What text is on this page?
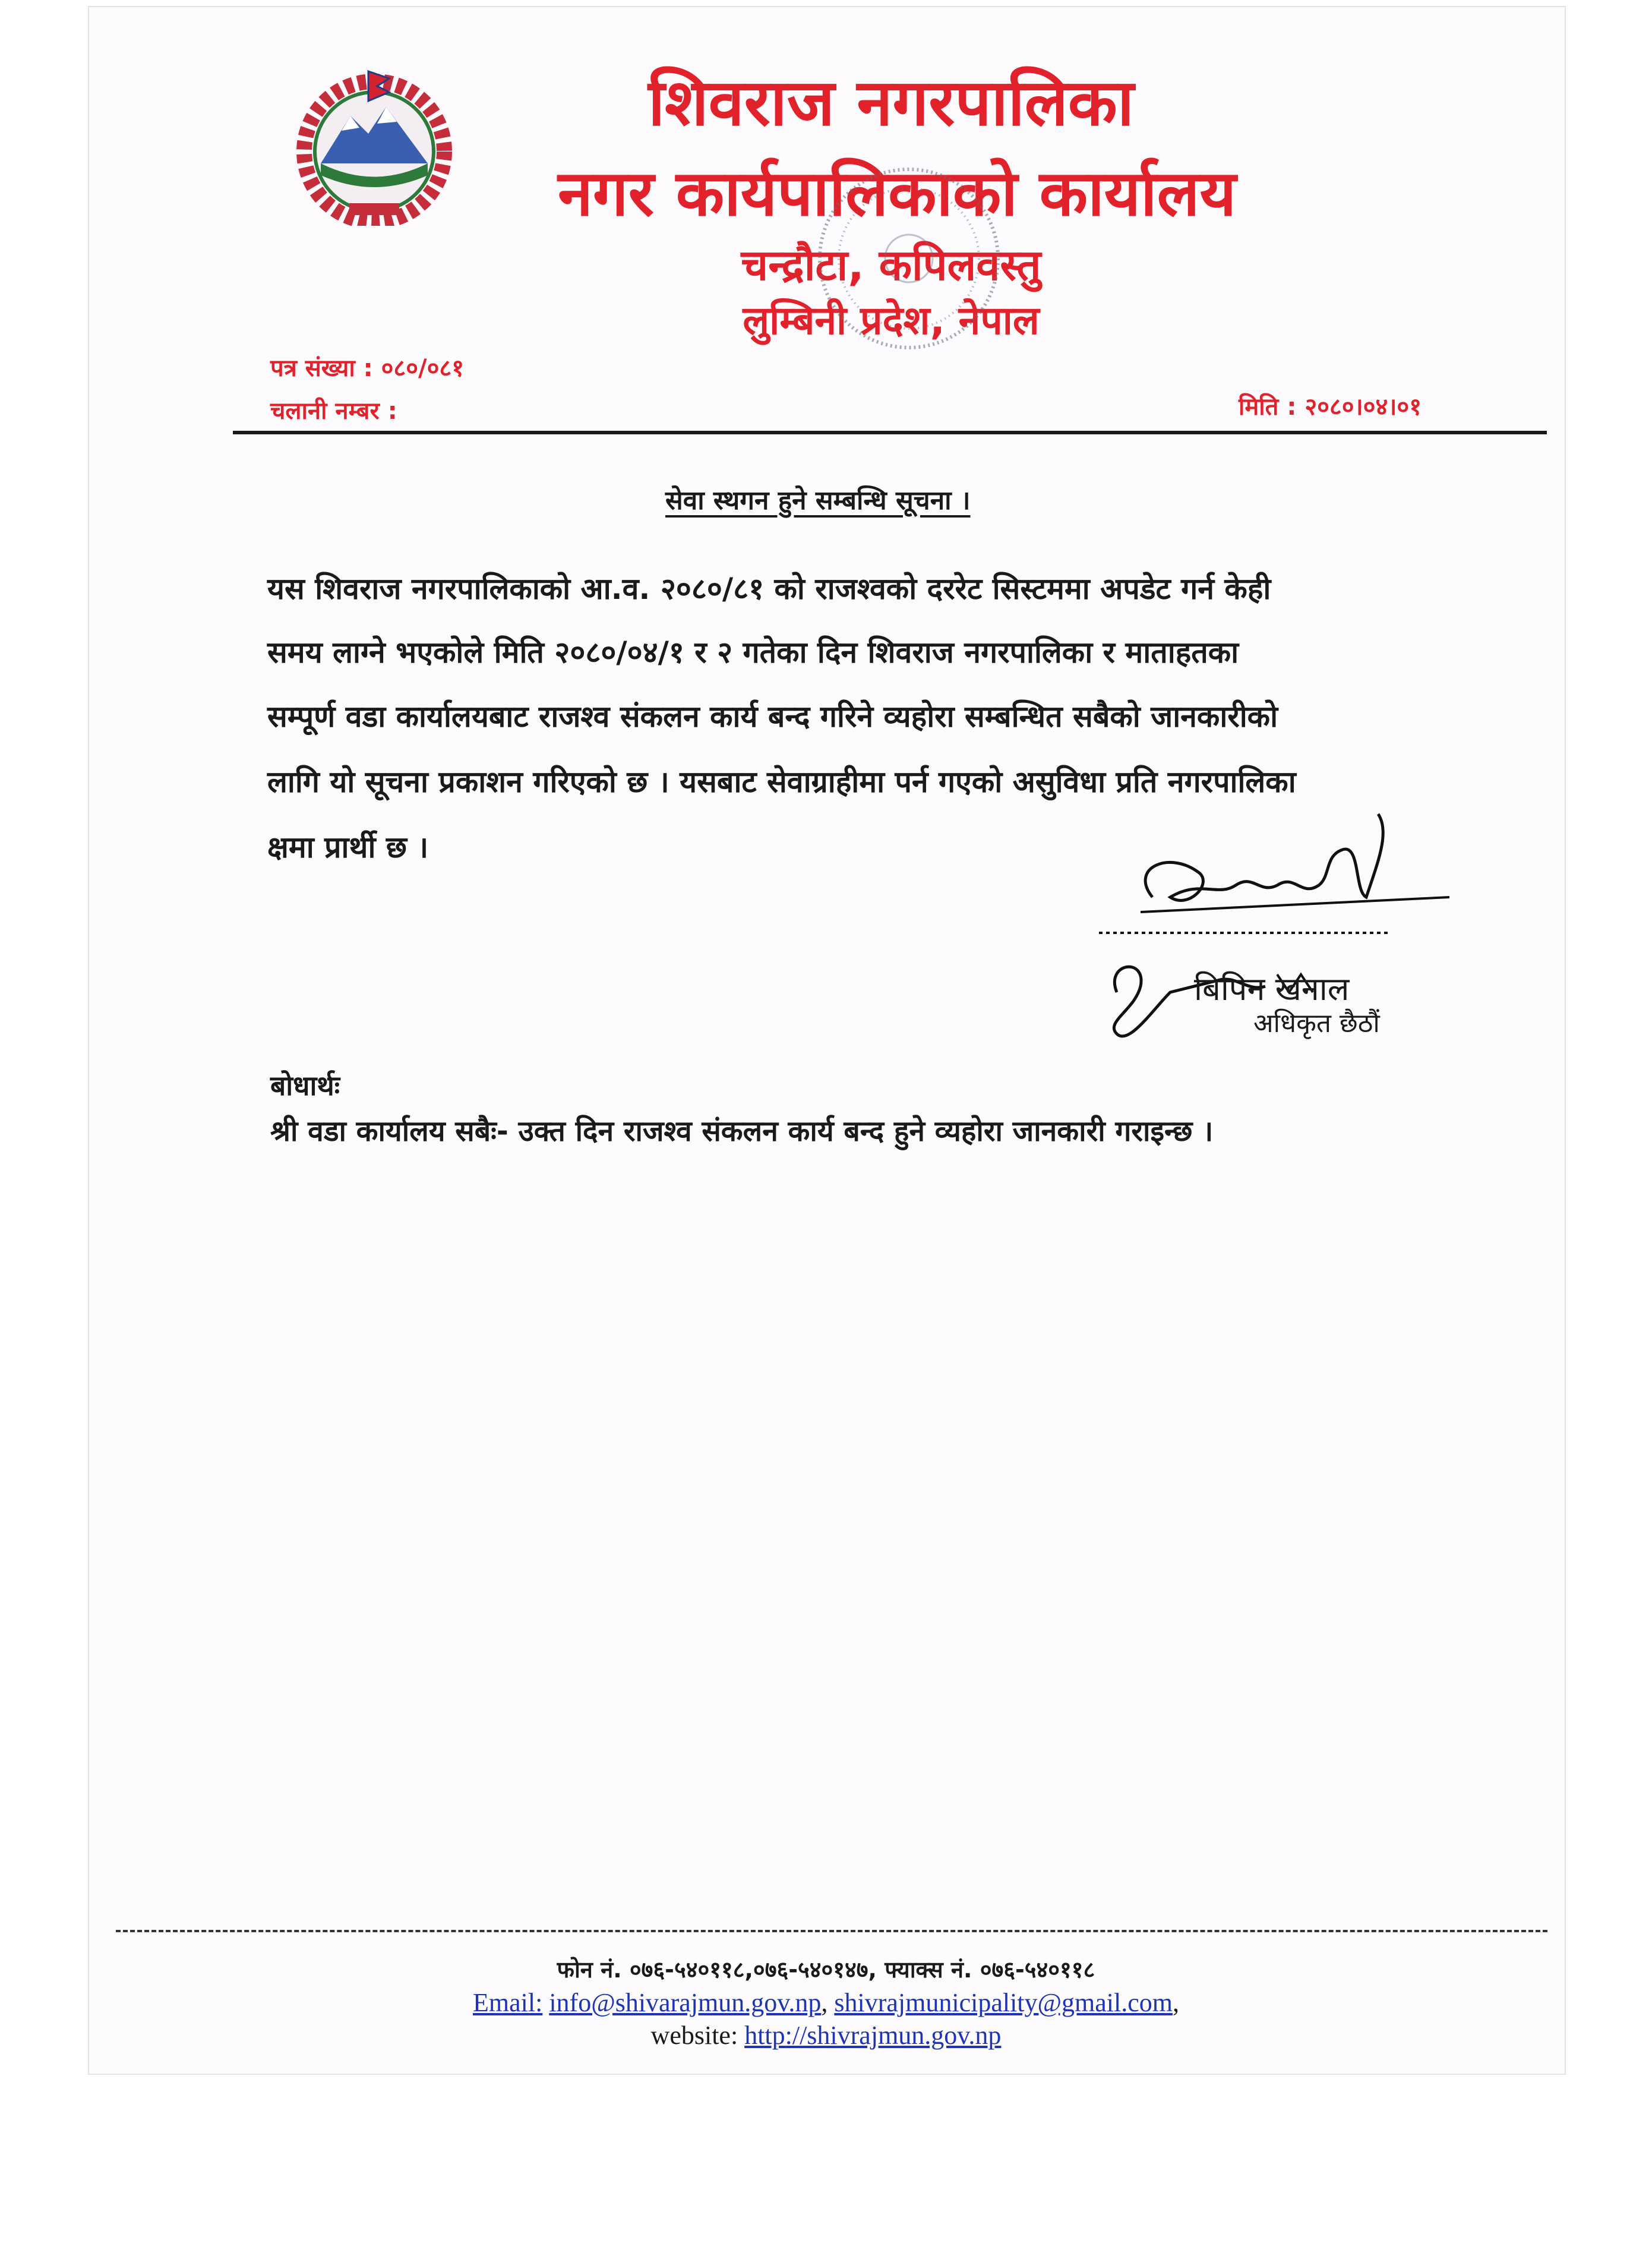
शिवराज नगरपालिका
नगर कार्यपालिकाको कार्यालय
चन्द्रौटा, कपिलवस्तु
लुम्बिनी प्रदेश, नेपाल
पत्र संख्या : ०८०/०८१
चलानी नम्बर :	मिति : २०८०।०४।०१
सेवा स्थगन हुने सम्बन्धि सूचना ।
यस शिवराज नगरपालिकाको आ.व. २०८०/८१ को राजश्वको दररेट सिस्टममा अपडेट गर्न केही
समय लाग्ने भएकोले मिति २०८०/०४/१ र २ गतेका दिन शिवराज नगरपालिका र माताहतका
सम्पूर्ण वडा कार्यालयबाट राजश्व संकलन कार्य बन्द गरिने व्यहोरा सम्बन्धित सबैको जानकारीको
लागि यो सूचना प्रकाशन गरिएको छ । यसबाट सेवाग्राहीमा पर्न गएको असुविधा प्रति नगरपालिका
क्षमा प्रार्थी छ ।
बिपिन खनाल
अधिकृत छैठौं
बोधार्थः
श्री वडा कार्यालय सबैः- उक्त दिन राजश्व संकलन कार्य बन्द हुने व्यहोरा जानकारी गराइन्छ ।
फोन नं. ०७६-५४०११८,०७६-५४०१४७, फ्याक्स नं. ०७६-५४०११८
Email: info@shivarajmun.gov.np, shivrajmunicipality@gmail.com,
website: http://shivrajmun.gov.np
